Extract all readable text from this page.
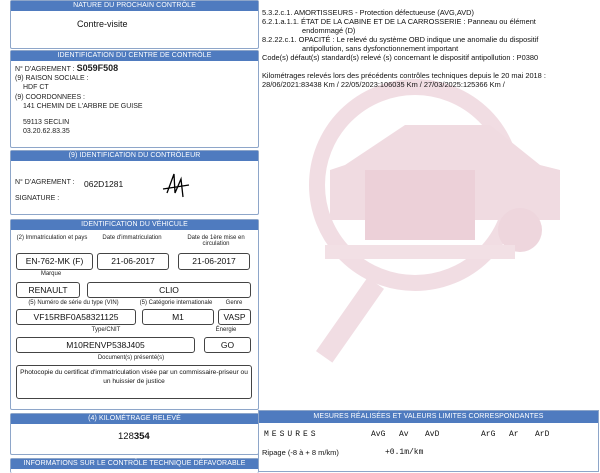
NATURE DU PROCHAIN CONTRÔLE
Contre-visite
IDENTIFICATION DU CENTRE DE CONTRÔLE
N° D'AGREMENT : S059F508
(9) RAISON SOCIALE :
HDF CT
(9) COORDONNEES :
141 CHEMIN DE L'ARBRE DE GUISE
59113 SECLIN
03.20.62.83.35
(9) IDENTIFICATION DU CONTRÔLEUR
N° D'AGREMENT : 062D1281
SIGNATURE :
IDENTIFICATION DU VÉHICULE
(2) Immatriculation et pays	Date d'immatriculation	Date de 1ère mise en circulation
EN-762-MK (F)	21-06-2017	21-06-2017
Marque
RENAULT	CLIO
(5) Numéro de série du type (VIN)	(5) Catégorie internationale	Genre
VF15RBF0A58321125	M1	VASP
Type/CNIT	Énergie
M10RENVP538J405	GO
Document(s) présenté(s)
Photocopie du certificat d'immatriculation visée par un commissaire-priseur ou un huissier de justice
(4) KILOMÉTRAGE RELEVÉ
128354
INFORMATIONS SUR LE CONTRÔLE TECHNIQUE DÉFAVORABLE
5.3.2.c.1. AMORTISSEURS - Protection défectueuse (AVG,AVD)
6.2.1.a.1.1. ÉTAT DE LA CABINE ET DE LA CARROSSERIE : Panneau ou élément
endommagé (D)
8.2.22.c.1. OPACITÉ : Le relevé du système OBD indique une anomalie du dispositif
antipollution, sans dysfonctionnement important
Code(s) défaut(s) standard(s) relevé (s) concernant le dispositif antipollution : P0380
Kilométrages relevés lors des précédents contrôles techniques depuis le 20 mai 2018 :
28/06/2021:83438 Km / 22/05/2023:106035 Km / 27/03/2025:125366 Km /
MESURES RÉALISÉES ET VALEURS LIMITES CORRESPONDANTES
MESURES	AvG Av AvD	ArG Ar ArD
Ripage (-8 à + 8 m/km)	+0.1m/km
